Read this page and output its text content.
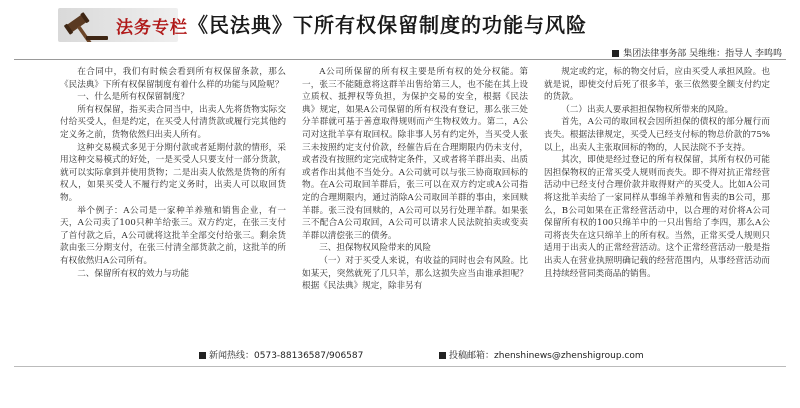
法务专栏 《民法典》下所有权保留制度的功能与风险
集团法律事务部 吴维维：指导人 李鸣鸣

在合同中，我们有时候会看到所有权保留条款，那么《民法典》下所有权保留制度有着什么样的功能与风险呢？

一、什么是所有权保留制度？

所有权保留，指买卖合同当中，出卖人先将货物实际交付给买受人，但是约定，在买受人付清货款或履行完其他约定义务之前，货物依然归出卖人所有。

这种交易模式多见于分期付款或者延期付款的情形，采用这种交易模式的好处，一是买受人只要支付一部分货款，就可以实际拿到并使用货物；二是出卖人依然是货物的所有权人，如果买受人不履行约定义务时，出卖人可以取回货物。

举个例子：A公司是一家种羊养殖和销售企业，有一天，A公司卖了100只种羊给张三。双方约定，在张三支付了首付款之后，A公司就将这批羊全部交付给张三。剩余货款由张三分期支付，在张三付清全部货款之前，这批羊的所有权依然归A公司所有。

二、保留所有权的效力与功能

A公司所保留的所有权主要是所有权的处分权能。第一，张三不能随意将这群羊出售给第三人，也不能在其上设立质权、抵押权等负担，为保护交易的安全，根据《民法典》规定，如果A公司保留的所有权没有登记，那么张三处分羊群就可基于善意取得规则而产生物权效力。第二，A公司对这批羊享有取回权。除非事人另有约定外，当买受人张三未按照约定支付价款，经催告后在合理期限内仍未支付，或者没有按照约定完成特定条件，又或者将羊群出卖、出质或者作出其他不当处分。A公司就可以与张三协商取回标的物。在A公司取回羊群后，张三可以在双方约定或A公司指定的合理期限内，通过消除A公司取回羊群的事由，来回赎羊群。张三没有回赎的，A公司可以另行处理羊群。如果张三不配合A公司取回，A公司可以请求人民法院拍卖或变卖羊群以清偿张三的债务。

三、担保物权风险带来的风险

（一）对于买受人来说，有收益的同时也会有风险。比如某天，突然就死了几只羊，那么这损失应当由谁承担呢？根据《民法典》规定，除非另有

规定或约定，标的物交付后，应由买受人承担风险。也就是说，即使交付后死了很多羊，张三依然要全额支付约定的货款。

（二）出卖人要承担担保物权所带来的风险。

首先，A公司的取回权会因所担保的债权的部分履行而丧失。根据法律规定，买受人已经支付标的物总价款的75%以上，出卖人主张取回标的物的，人民法院不予支持。

其次，即使是经过登记的所有权保留，其所有权仍可能因担保物权的正常买受人规则而丧失。即不得对抗正常经营活动中已经支付合理价款并取得财产的买受人。比如A公司将这批羊卖给了一家同样从事绵羊养殖和售卖的B公司，那么，B公司如果在正常经营活动中，以合理的对价将A公司保留所有权的100只绵羊中的一只出售给了李四，那么A公司将丧失在这只绵羊上的所有权。当然，正常买受人规则只适用于出卖人的正常经营活动。这个正常经营活动一般是指出卖人在营业执照明确记载的经营范围内，从事经营活动而且持续经营同类商品的销售。

新闻热线：0573-88136587/906587	投稿邮箱：zhenshinews@zhenshigroup.com
